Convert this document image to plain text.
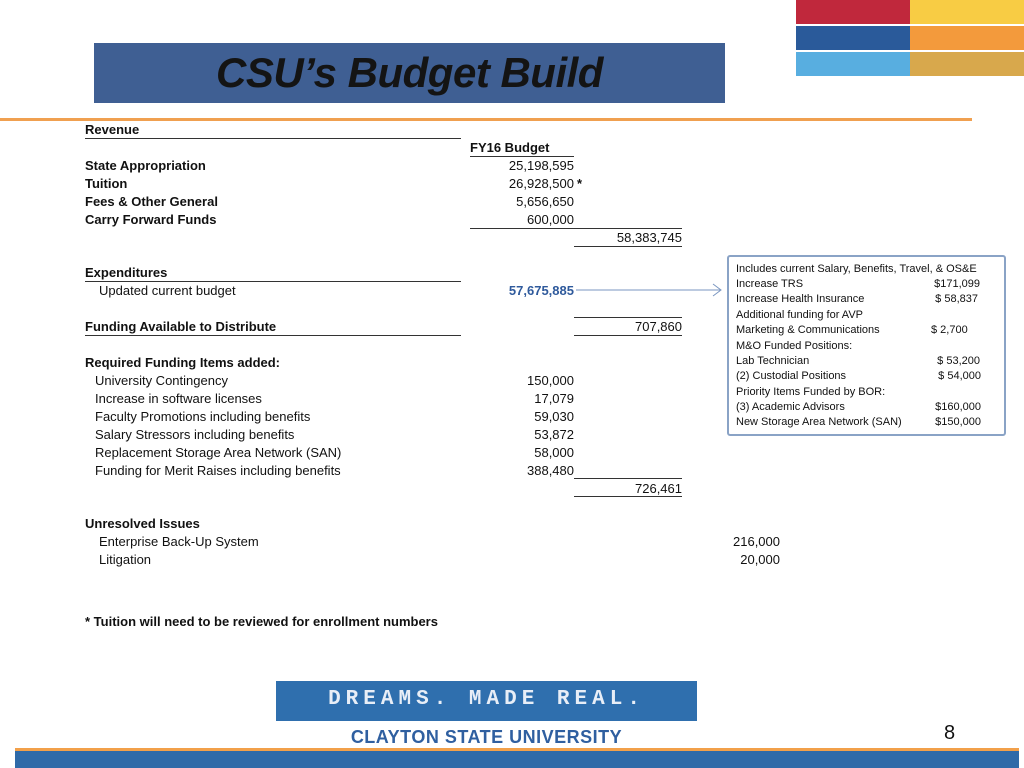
CSU’s Budget Build
Revenue
FY16 Budget
State Appropriation	25,198,595
Tuition	26,928,500 *
Fees & Other General	5,656,650
Carry Forward Funds	600,000
58,383,745
Expenditures
Updated current budget	57,675,885
Funding Available to Distribute	707,860
Required Funding Items added:
University Contingency	150,000
Increase in software licenses	17,079
Faculty Promotions including benefits	59,030
Salary Stressors including benefits	53,872
Replacement Storage Area Network (SAN)	58,000
Funding for Merit Raises including benefits	388,480
726,461
Unresolved Issues
Enterprise Back-Up System	216,000
Litigation	20,000
* Tuition will need to be reviewed for enrollment numbers
Includes current Salary, Benefits, Travel, & OS&E
Increase TRS	$171,099
Increase Health Insurance	$ 58,837
Additional funding for AVP
Marketing & Communications	$ 2,700
M&O Funded Positions:
Lab Technician	$ 53,200
(2) Custodial Positions	$ 54,000
Priority Items Funded by BOR:
(3) Academic Advisors	$160,000
New Storage Area Network (SAN)	$150,000
DREAMS. MADE REAL.
CLAYTON STATE UNIVERSITY	8
